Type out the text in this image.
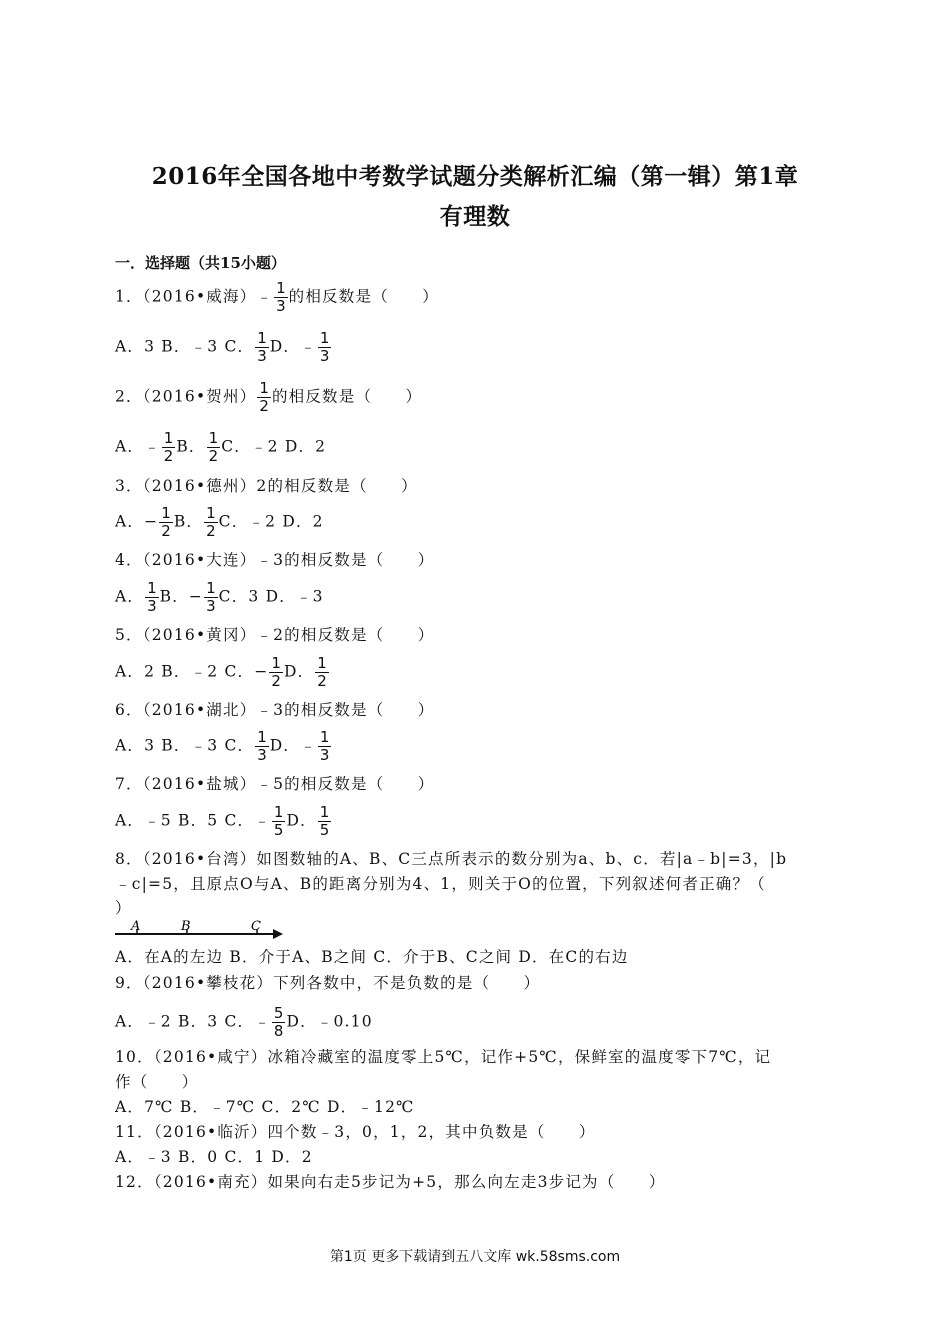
2016年全国各地中考数学试题分类解析汇编（第一辑）第1章
有理数
一．选择题（共15小题）
1．（2016•威海）﹣ $\frac{1}{3}$ 的相反数是（　　）
A．3 B．﹣3 C． $\frac{1}{3}$ D．﹣ $\frac{1}{3}$
2．（2016•贺州） $\frac{1}{2}$ 的相反数是（　　）
A．﹣ $\frac{1}{2}$ B． $\frac{1}{2}$ C．﹣2 D．2
3．（2016•德州）2的相反数是（　　）
A．− $\frac{1}{2}$ B． $\frac{1}{2}$ C．﹣2 D．2
4．（2016•大连）﹣3的相反数是（　　）
A． $\frac{1}{3}$ B．− $\frac{1}{3}$ C．3 D．﹣3
5．（2016•黄冈）﹣2的相反数是（　　）
A．2 B．﹣2 C．− $\frac{1}{2}$ D． $\frac{1}{2}$
6．（2016•湖北）﹣3的相反数是（　　）
A．3 B．﹣3 C． $\frac{1}{3}$ D．﹣ $\frac{1}{3}$
7．（2016•盐城）﹣5的相反数是（　　）
A．﹣5 B．5 C．﹣ $\frac{1}{5}$ D． $\frac{1}{5}$
8．（2016•台湾）如图数轴的A、B、C三点所表示的数分别为a、b、c．若|a﹣b|=3，|b
﹣c|=5，且原点O与A、B的距离分别为4、1，则关于O的位置，下列叙述何者正确？（
）
A	B	C
A．在A的左边 B．介于A、B之间 C．介于B、C之间 D．在C的右边
9．（2016•攀枝花）下列各数中，不是负数的是（　　）
A．﹣2 B．3 C．﹣ $\frac{5}{8}$ D．﹣0.10
10．（2016•咸宁）冰箱冷藏室的温度零上5℃，记作+5℃，保鲜室的温度零下7℃，记
作（　　）
A．7℃ B．﹣7℃ C．2℃ D．﹣12℃
11．（2016•临沂）四个数﹣3，0，1，2，其中负数是（　　）
A．﹣3 B．0 C．1 D．2
12．（2016•南充）如果向右走5步记为+5，那么向左走3步记为（　　）
第1页 更多下载请到五八文库 wk.58sms.com
